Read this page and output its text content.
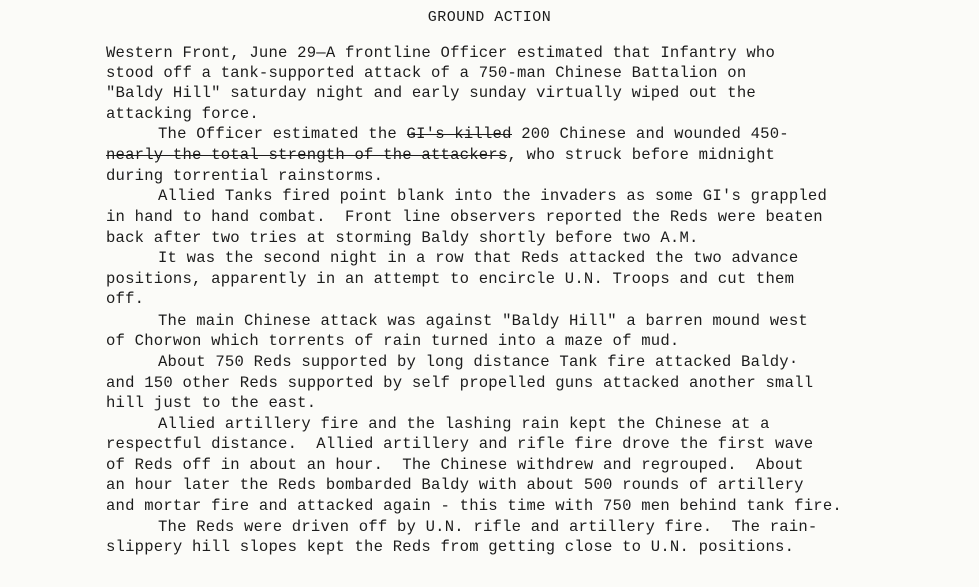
GROUND ACTION
Western Front, June 29—A frontline Officer estimated that Infantry who
stood off a tank-supported attack of a 750-man Chinese Battalion on
"Baldy Hill" saturday night and early sunday virtually wiped out the
attacking force.
The Officer estimated the GI's killed 200 Chinese and wounded 450-
nearly the total strength of the attackers, who struck before midnight
during torrential rainstorms.
Allied Tanks fired point blank into the invaders as some GI's grappled
in hand to hand combat.  Front line observers reported the Reds were beaten
back after two tries at storming Baldy shortly before two A.M.
It was the second night in a row that Reds attacked the two advance
positions, apparently in an attempt to encircle U.N. Troops and cut them
off.
The main Chinese attack was against "Baldy Hill" a barren mound west
of Chorwon which torrents of rain turned into a maze of mud.
About 750 Reds supported by long distance Tank fire attacked Baldy·
and 150 other Reds supported by self propelled guns attacked another small
hill just to the east.
Allied artillery fire and the lashing rain kept the Chinese at a
respectful distance.  Allied artillery and rifle fire drove the first wave
of Reds off in about an hour.  The Chinese withdrew and regrouped.  About
an hour later the Reds bombarded Baldy with about 500 rounds of artillery
and mortar fire and attacked again - this time with 750 men behind tank fire.
The Reds were driven off by U.N. rifle and artillery fire.  The rain-
slippery hill slopes kept the Reds from getting close to U.N. positions.
